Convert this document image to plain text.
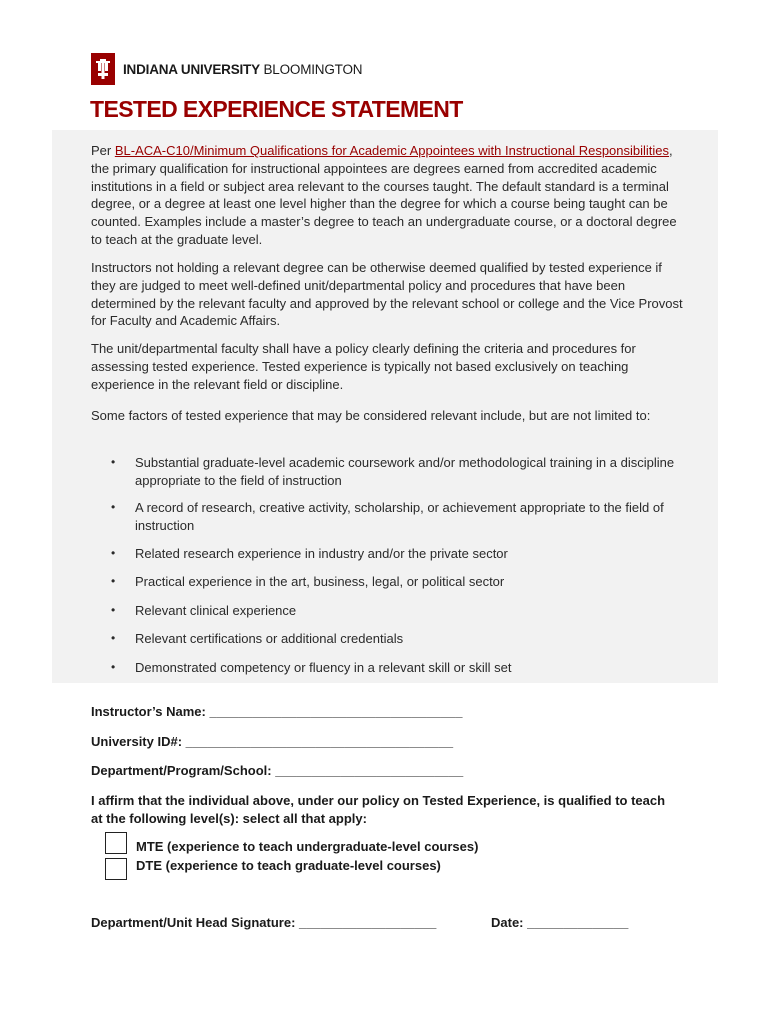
INDIANA UNIVERSITY BLOOMINGTON
TESTED EXPERIENCE STATEMENT

Per BL-ACA-C10/Minimum Qualifications for Academic Appointees with Instructional Responsibilities, the primary qualification for instructional appointees are degrees earned from accredited academic institutions in a field or subject area relevant to the courses taught. The default standard is a terminal degree, or a degree at least one level higher than the degree for which a course being taught can be counted. Examples include a master’s degree to teach an undergraduate course, or a doctoral degree to teach at the graduate level.

Instructors not holding a relevant degree can be otherwise deemed qualified by tested experience if they are judged to meet well-defined unit/departmental policy and procedures that have been determined by the relevant faculty and approved by the relevant school or college and the Vice Provost for Faculty and Academic Affairs.

The unit/departmental faculty shall have a policy clearly defining the criteria and procedures for assessing tested experience. Tested experience is typically not based exclusively on teaching experience in the relevant field or discipline.

Some factors of tested experience that may be considered relevant include, but are not limited to:

• Substantial graduate-level academic coursework and/or methodological training in a discipline appropriate to the field of instruction
• A record of research, creative activity, scholarship, or achievement appropriate to the field of instruction
• Related research experience in industry and/or the private sector
• Practical experience in the art, business, legal, or political sector
• Relevant clinical experience
• Relevant certifications or additional credentials
• Demonstrated competency or fluency in a relevant skill or skill set
Instructor’s Name: ___________________________________
University ID#: _____________________________________
Department/Program/School: __________________________

I affirm that the individual above, under our policy on Tested Experience, is qualified to teach at the following level(s): select all that apply:

MTE (experience to teach undergraduate-level courses)
DTE (experience to teach graduate-level courses)
Department/Unit Head Signature: ___________________	Date: ______________
